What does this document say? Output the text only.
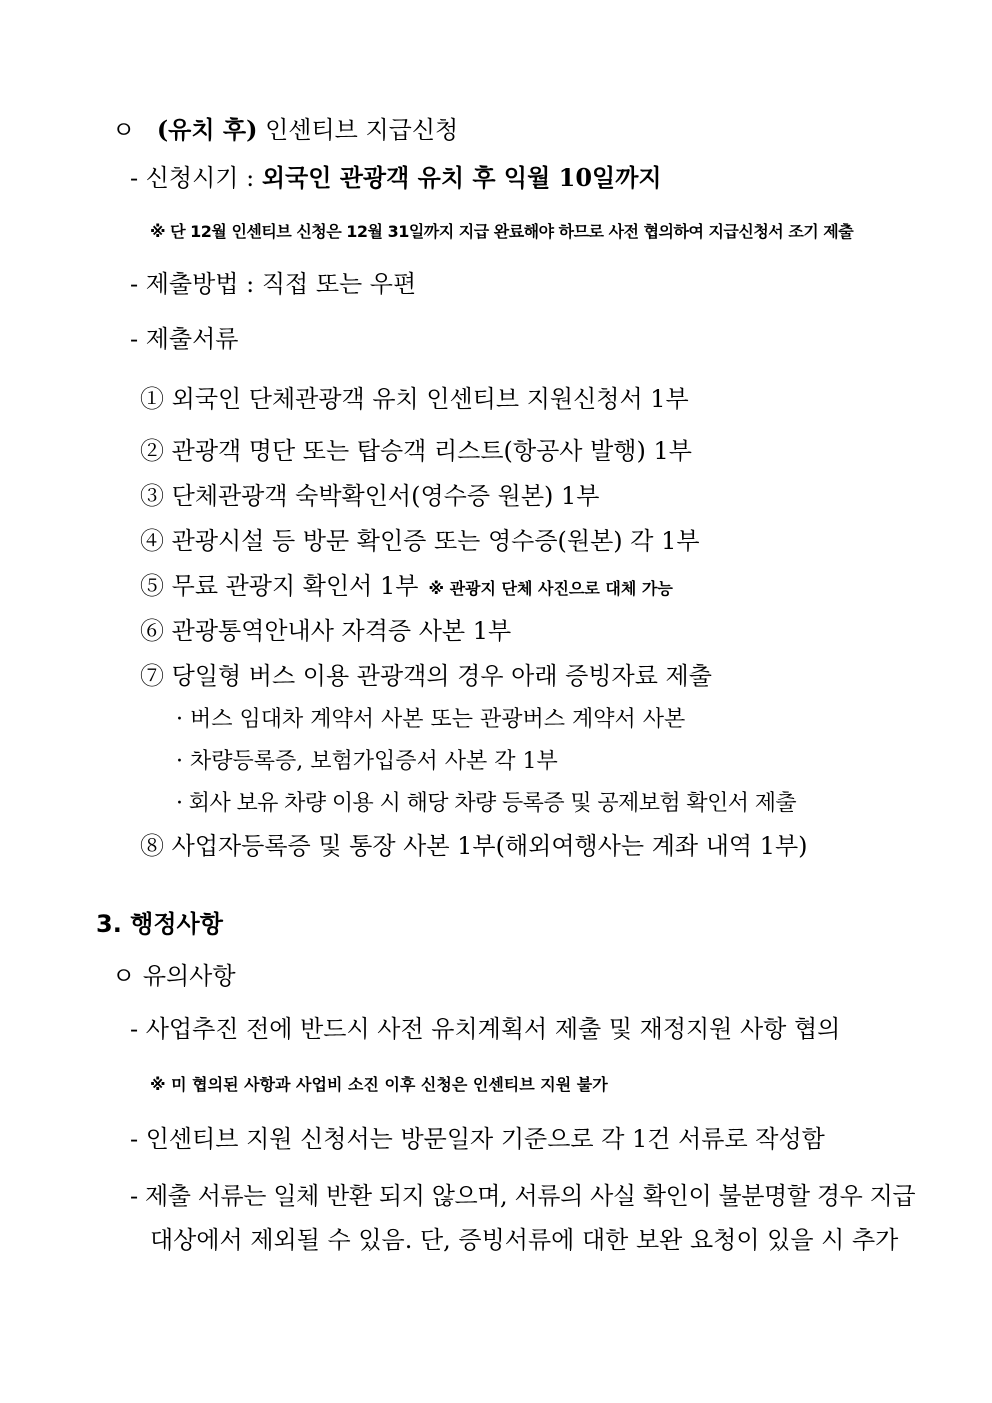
ㅇ (유치 후) 인센티브 지급신청
- 신청시기 : 외국인 관광객 유치 후 익월 10일까지
※ 단 12월 인센티브 신청은 12월 31일까지 지급 완료해야 하므로 사전 협의하여 지급신청서 조기 제출
- 제출방법 : 직접 또는 우편
- 제출서류
① 외국인 단체관광객 유치 인센티브 지원신청서 1부
② 관광객 명단 또는 탑승객 리스트(항공사 발행) 1부
③ 단체관광객 숙박확인서(영수증 원본) 1부
④ 관광시설 등 방문 확인증 또는 영수증(원본) 각 1부
⑤ 무료 관광지 확인서 1부 ※ 관광지 단체 사진으로 대체 가능
⑥ 관광통역안내사 자격증 사본 1부
⑦ 당일형 버스 이용 관광객의 경우 아래 증빙자료 제출
· 버스 임대차 계약서 사본 또는 관광버스 계약서 사본
· 차량등록증, 보험가입증서 사본 각 1부
· 회사 보유 차량 이용 시 해당 차량 등록증 및 공제보험 확인서 제출
⑧ 사업자등록증 및 통장 사본 1부(해외여행사는 계좌 내역 1부)
3. 행정사항
ㅇ 유의사항
- 사업추진 전에 반드시 사전 유치계획서 제출 및 재정지원 사항 협의
※ 미 협의된 사항과 사업비 소진 이후 신청은 인센티브 지원 불가
- 인센티브 지원 신청서는 방문일자 기준으로 각 1건 서류로 작성함
- 제출 서류는 일체 반환 되지 않으며, 서류의 사실 확인이 불분명할 경우 지급
대상에서 제외될 수 있음. 단, 증빙서류에 대한 보완 요청이 있을 시 추가
